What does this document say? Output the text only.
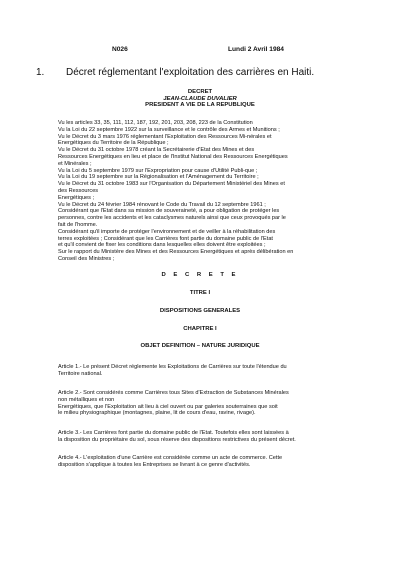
N026	Lundi 2 Avril 1984
1. Décret réglementant l'exploitation des carrières en Haiti.
DECRET
JEAN-CLAUDE DUVALIER
PRESIDENT A VIE DE LA REPUBLIQUE
Vu les articles 33, 35, 111, 112, 187, 192, 201, 203, 208, 223 de la Constitution
Vu la Loi du 22 septembre 1922 sur la surveillance et le contrôle des Armes et Munitions ;
Vu le Décret du 3 mars 1976 réglementant l'Exploitation des Ressources Mi-nérales et
Energétiques du Territoire de la République ;
Vu le Décret du 31 octobre 1978 créant la Secrétairerie d'Etat des Mines et des
Ressources Energétiques en lieu et place de l'Institut National des Ressources Energétiques
et Minérales ;
Vu la Loi du 5 septembre 1979 sur l'Expropriation pour cause d'Utilité Publi-que ;
Vu la Loi du 19 septembre sur la Régionalisation et l'Aménagement du Territoire ;
Vu le Décret du 31 octobre 1983 sur l'Organisation du Département Ministériel des Mines et
des Ressources
Energétiques ;
Vu le Décret du 24 février 1984 rénovant le Code du Travail du 12 septembre 1961 ;
Considérant que l'Etat dans sa mission de souveraineté, a pour obligation de protéger les
personnes, contre les accidents et les cataclysmes naturels ainsi que ceux provoqués par le
fait de l'homme.
Considérant qu'il importe de protéger l'environnement et de veiller à la réhabilitation des
terres exploitées ; Considérant que les Carrières font partie du domaine public de l'Etat
et qu'il convient de fixer les conditions dans lesquelles elles doivent être exploitées ;
Sur le rapport du Ministère des Mines et des Ressources Energétiques et après délibération en
Conseil des Ministres ;
D E C R E T E
TITRE I
DISPOSITIONS GENERALES
CHAPITRE I
OBJET DEFINITION – NATURE JURIDIQUE
Article 1.- Le présent Décret réglemente les Exploitations de Carrières sur toute l'étendue du
Territoire national.
Article 2.- Sont considérés comme Carrières tous Sites d'Extraction de Substances Minérales
non métalliques et non
Energétiques, que l'Exploitation ait lieu à ciel ouvert ou par galeries souterraines que soit
le milieu physiographique (montagnes, plaine, lit de cours d'eau, ravine, rivage).
Article 3.- Les Carrières font partie du domaine public de l'Etat. Toutefois elles sont laissées à
la disposition du propriétaire du sol, sous réserve des dispositions restrictives du présent décret.
Article 4.- L'exploitation d'une Carrière est considérée comme un acte de commerce. Cette
disposition s'applique à toutes les Entreprises se livrant à ce genre d'activités.
